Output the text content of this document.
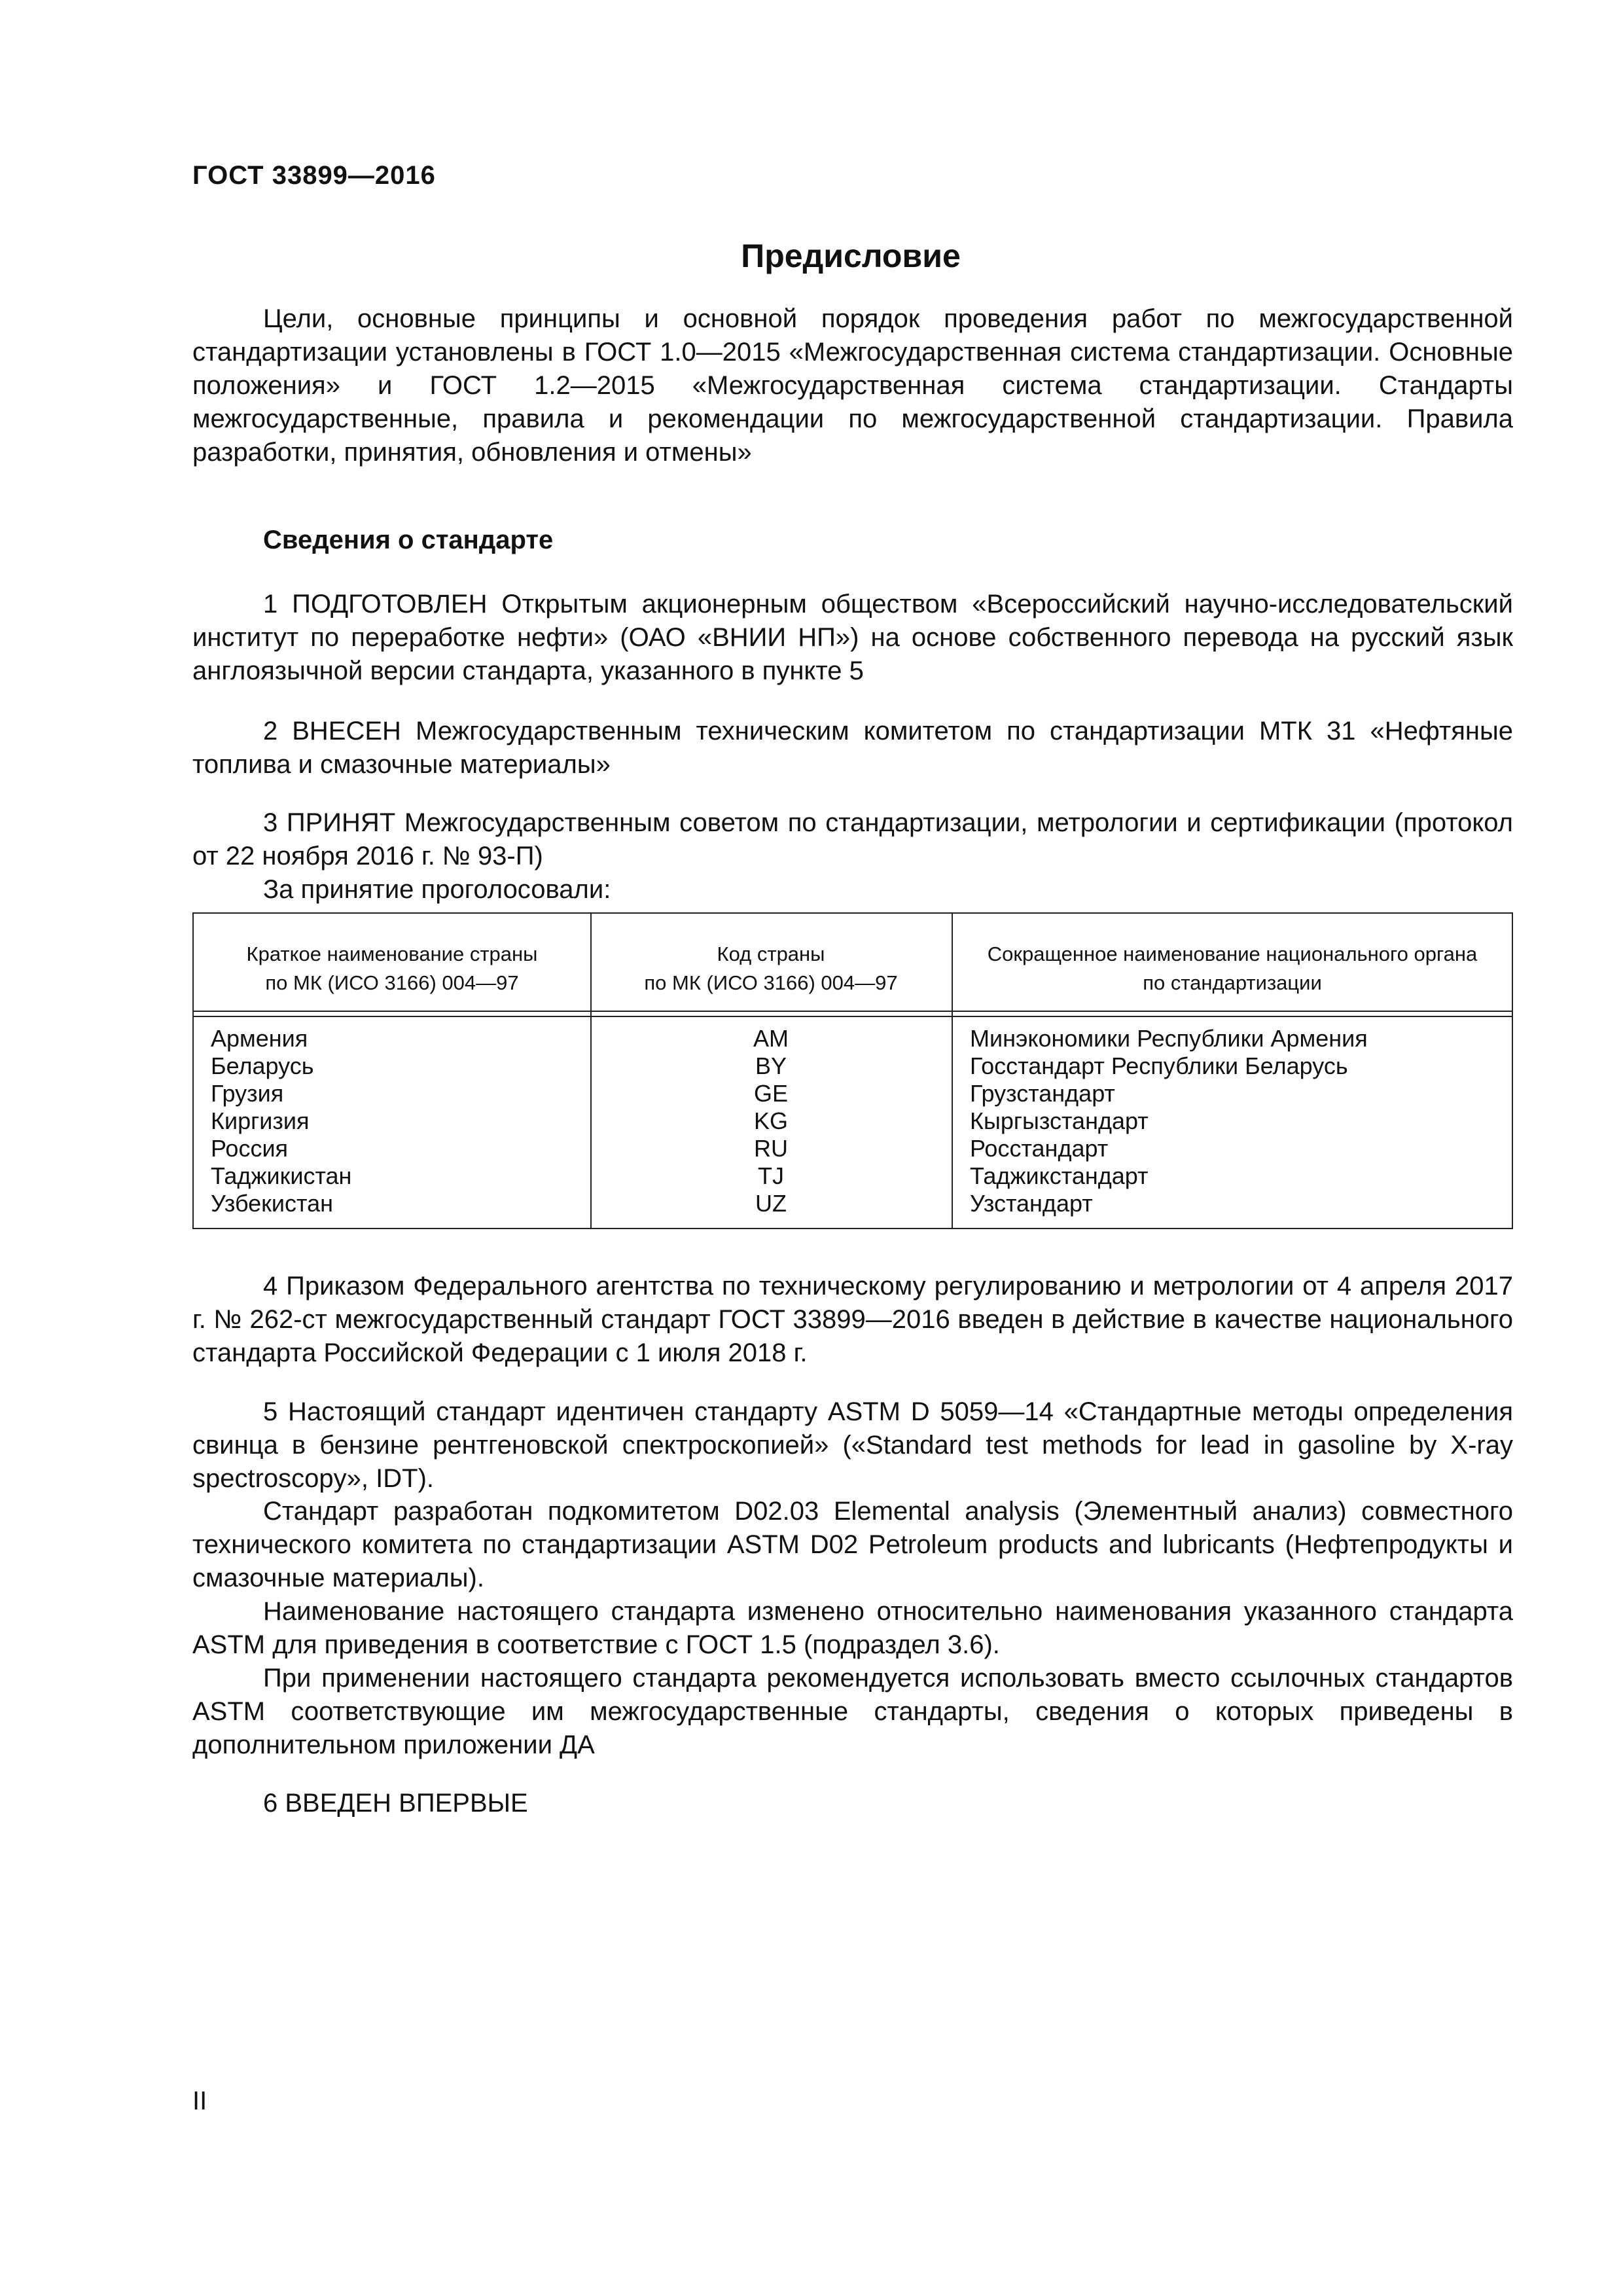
ГОСТ 33899—2016
Предисловие
Цели, основные принципы и основной порядок проведения работ по межгосударственной стандартизации установлены в ГОСТ 1.0—2015 «Межгосударственная система стандартизации. Основные положения» и ГОСТ 1.2—2015 «Межгосударственная система стандартизации. Стандарты межгосударственные, правила и рекомендации по межгосударственной стандартизации. Правила разработки, принятия, обновления и отмены»
Сведения о стандарте
1 ПОДГОТОВЛЕН Открытым акционерным обществом «Всероссийский научно-исследовательский институт по переработке нефти» (ОАО «ВНИИ НП») на основе собственного перевода на русский язык англоязычной версии стандарта, указанного в пункте 5
2 ВНЕСЕН Межгосударственным техническим комитетом по стандартизации МТК 31 «Нефтяные топлива и смазочные материалы»
3 ПРИНЯТ Межгосударственным советом по стандартизации, метрологии и сертификации (протокол от 22 ноября 2016 г. № 93-П)
За принятие проголосовали:
Краткое наименование страны
по МК (ИСО 3166) 004—97
Код страны
по МК (ИСО 3166) 004—97
Сокращенное наименование национального органа
по стандартизации
Армения
Беларусь
Грузия
Киргизия
Россия
Таджикистан
Узбекистан
AM
BY
GE
KG
RU
TJ
UZ
Минэкономики Республики Армения
Госстандарт Республики Беларусь
Грузстандарт
Кыргызстандарт
Росстандарт
Таджикстандарт
Узстандарт
4 Приказом Федерального агентства по техническому регулированию и метрологии от 4 апреля 2017 г. № 262-ст межгосударственный стандарт ГОСТ 33899—2016 введен в действие в качестве национального стандарта Российской Федерации с 1 июля 2018 г.
5 Настоящий стандарт идентичен стандарту ASTM D 5059—14 «Стандартные методы определения свинца в бензине рентгеновской спектроскопией» («Standard test methods for lead in gasoline by X-ray spectroscopy», IDT).
Стандарт разработан подкомитетом D02.03 Elemental analysis (Элементный анализ) совместного технического комитета по стандартизации ASTM D02 Petroleum products and lubricants (Нефтепродукты и смазочные материалы).
Наименование настоящего стандарта изменено относительно наименования указанного стандарта ASTM для приведения в соответствие с ГОСТ 1.5 (подраздел 3.6).
При применении настоящего стандарта рекомендуется использовать вместо ссылочных стандартов ASTM соответствующие им межгосударственные стандарты, сведения о которых приведены в дополнительном приложении ДА
6 ВВЕДЕН ВПЕРВЫЕ
II
